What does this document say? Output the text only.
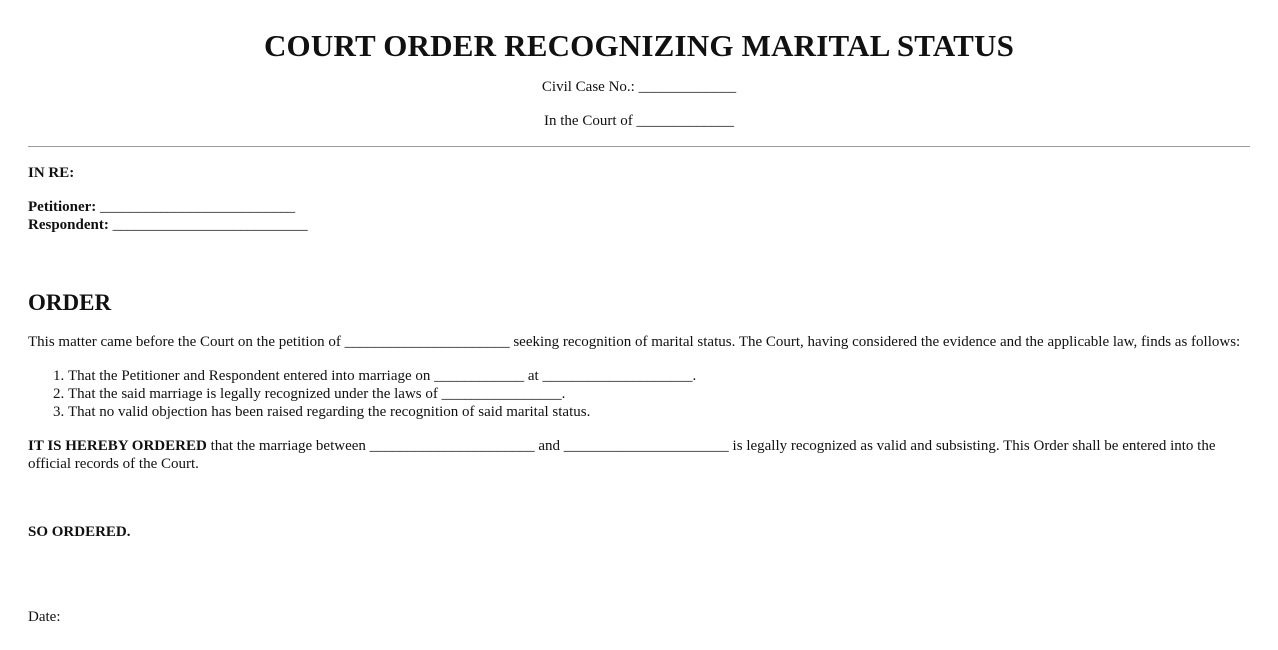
COURT ORDER RECOGNIZING MARITAL STATUS

Civil Case No.: _____________

In the Court of _____________

IN RE:

Petitioner: __________________________
Respondent: __________________________
ORDER

This matter came before the Court on the petition of ______________________ seeking recognition of marital status. The Court, having considered the evidence and the applicable law, finds as follows:

1. That the Petitioner and Respondent entered into marriage on ____________ at ____________________.
2. That the said marriage is legally recognized under the laws of ________________.
3. That no valid objection has been raised regarding the recognition of said marital status.

IT IS HEREBY ORDERED that the marriage between ______________________ and ______________________ is legally recognized as valid and subsisting. This Order shall be entered into the official records of the Court.

SO ORDERED.

Date:
